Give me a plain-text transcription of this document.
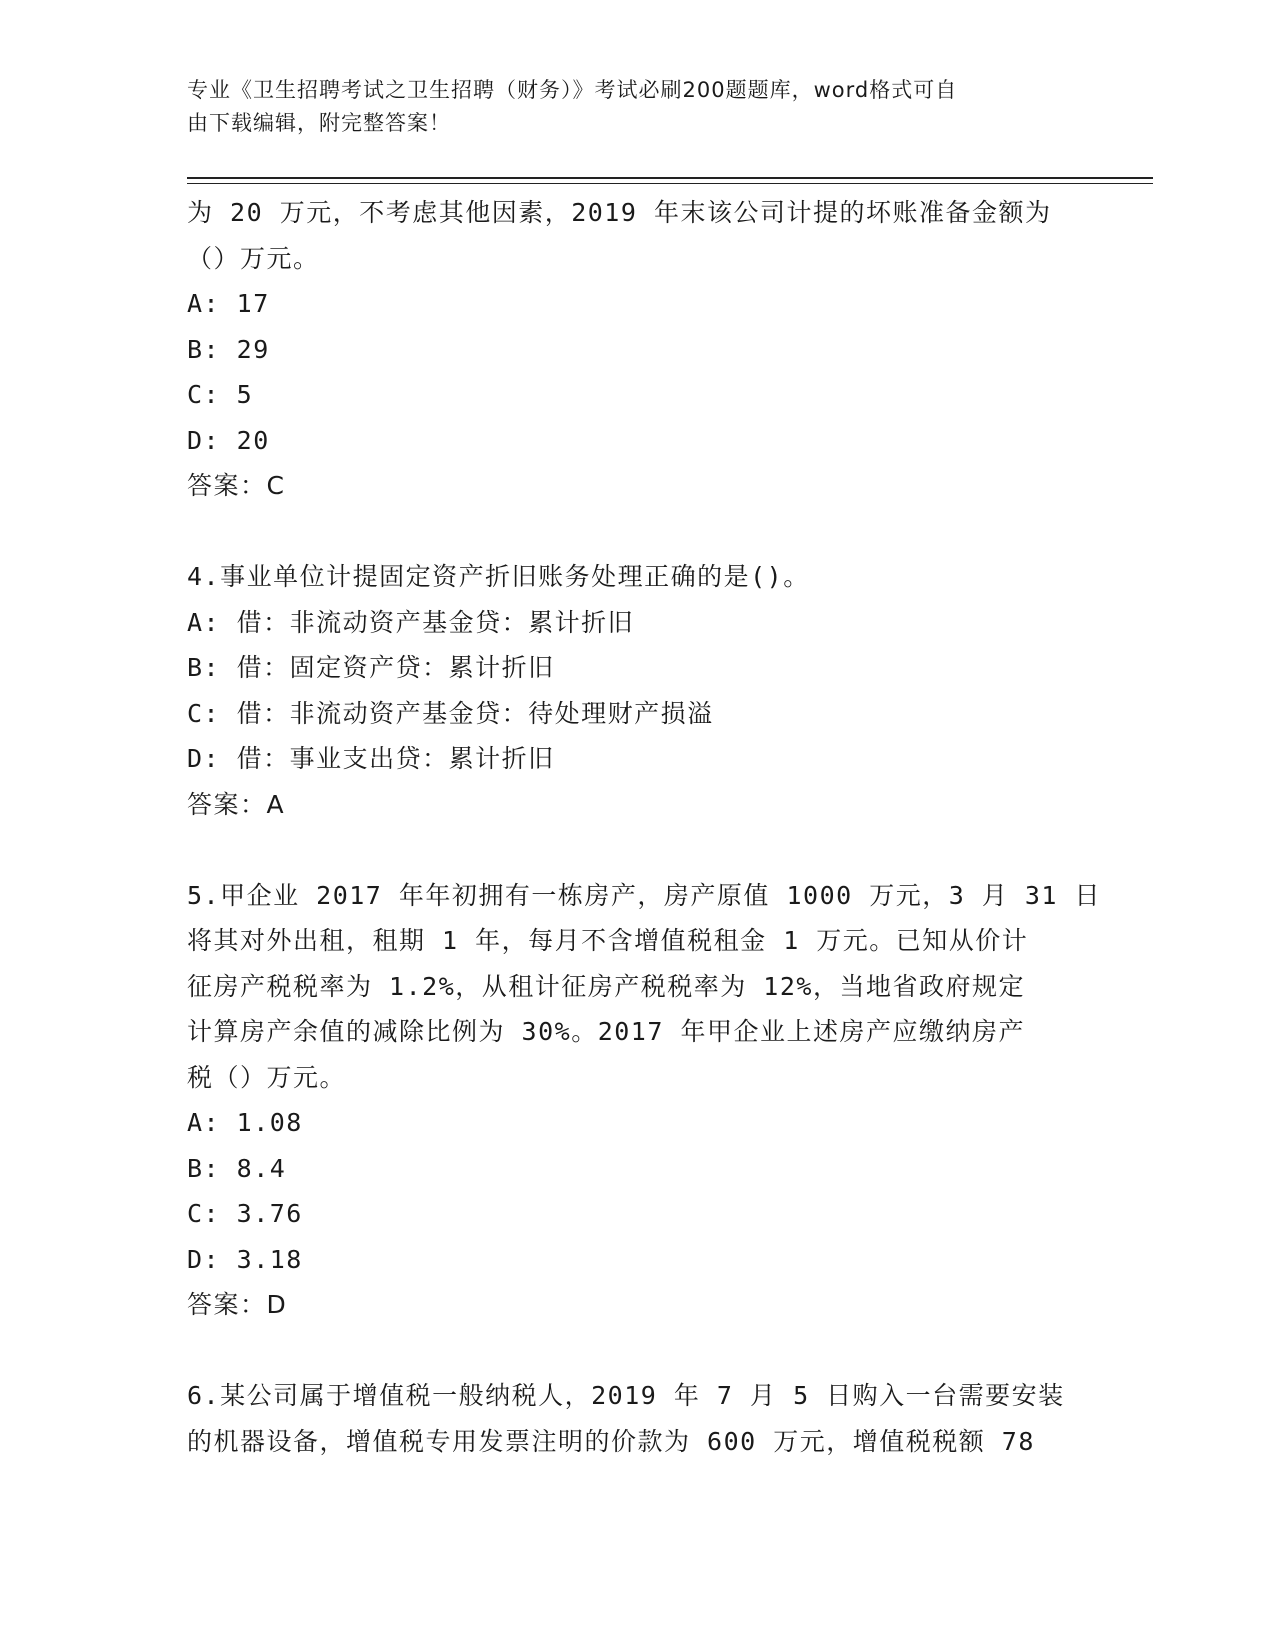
专业《卫生招聘考试之卫生招聘（财务）》考试必刷200题题库，word格式可自
由下载编辑，附完整答案！
为 20 万元，不考虑其他因素，2019 年末该公司计提的坏账准备金额为
（）万元。
A: 17
B: 29
C: 5
D: 20
答案：C
4.事业单位计提固定资产折旧账务处理正确的是()。
A: 借：非流动资产基金贷：累计折旧
B: 借：固定资产贷：累计折旧
C: 借：非流动资产基金贷：待处理财产损溢
D: 借：事业支出贷：累计折旧
答案：A
5.甲企业 2017 年年初拥有一栋房产，房产原值 1000 万元，3 月 31 日
将其对外出租，租期 1 年，每月不含增值税租金 1 万元。已知从价计
征房产税税率为 1.2%，从租计征房产税税率为 12%，当地省政府规定
计算房产余值的减除比例为 30%。2017 年甲企业上述房产应缴纳房产
税（）万元。
A: 1.08
B: 8.4
C: 3.76
D: 3.18
答案：D
6.某公司属于增值税一般纳税人，2019 年 7 月 5 日购入一台需要安装
的机器设备，增值税专用发票注明的价款为 600 万元，增值税税额 78
